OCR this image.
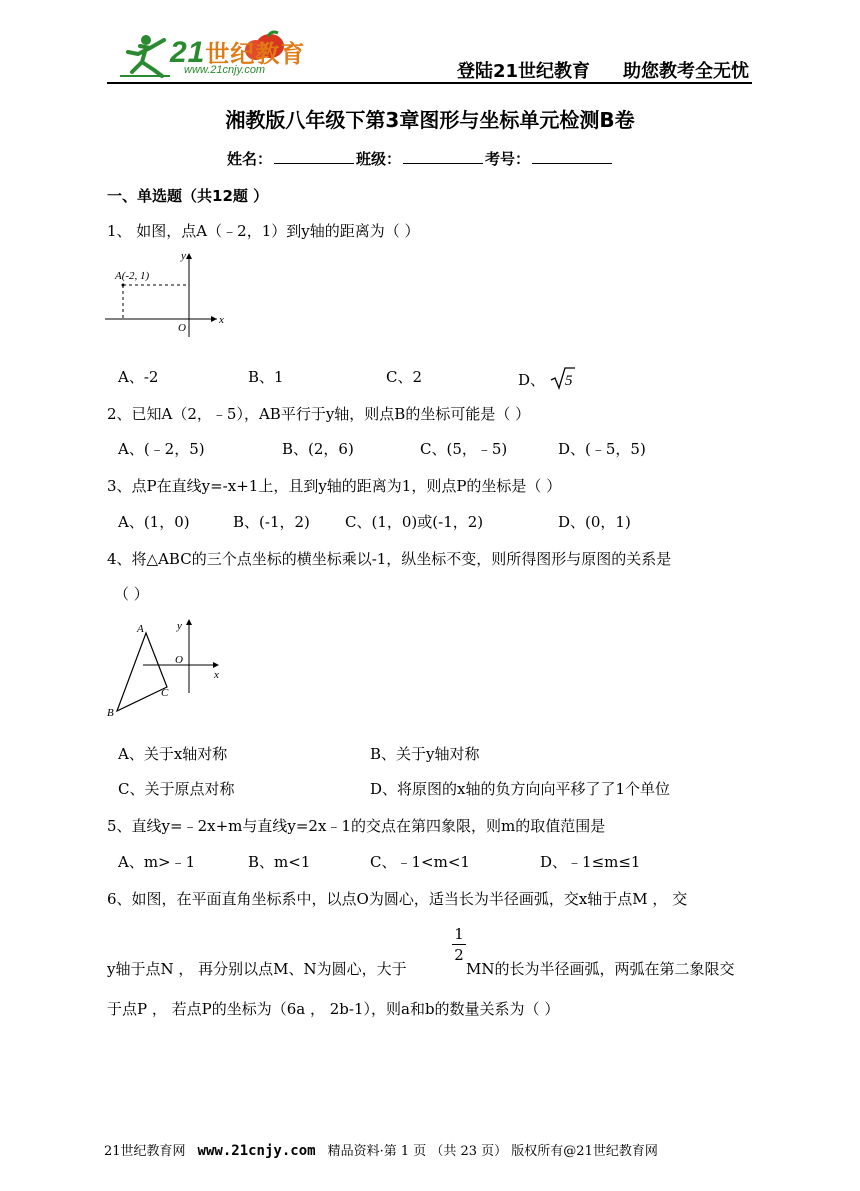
21世纪教育
www.21cnjy.com	登陆21世纪教育 助您教考全无忧
湘教版八年级下第3章图形与坐标单元检测B卷
姓名：	班级：	考号：
一、单选题（共12题 ）
1、 如图，点A（﹣2，1）到y轴的距离为（ ）
y
x
O
A(-2, 1)
A、-2	B、1	C、2	D、 5
2、已知A（2，﹣5），AB平行于y轴，则点B的坐标可能是（ ）
A、(﹣2，5)	B、(2，6)	C、(5，﹣5)	D、(﹣5，5)
3、点P在直线y=-x+1上，且到y轴的距离为1，则点P的坐标是（ ）
A、(1，0)	B、(-1，2) C、(1，0)或(-1，2)	D、(0，1)
4、将△ABC的三个点坐标的横坐标乘以-1，纵坐标不变，则所得图形与原图的关系是
（ ）
A
B
C
O
x
y
A、关于x轴对称	B、关于y轴对称
C、关于原点对称	D、将原图的x轴的负方向向平移了了1个单位
5、直线y=﹣2x+m与直线y=2x﹣1的交点在第四象限，则m的取值范围是
A、m>﹣1	B、m<1	C、﹣1<m<1	D、﹣1≤m≤1
6、如图，在平面直角坐标系中，以点O为圆心，适当长为半径画弧，交x轴于点M ， 交
y轴于点N ， 再分别以点M、N为圆心，大于
1
2
MN的长为半径画弧，两弧在第二象限交
于点P ， 若点P的坐标为（6a ， 2b-1），则a和b的数量关系为（ ）
21世纪教育网 www.21cnjy.com 精品资料·第 1 页 （共 23 页） 版权所有@21世纪教育网
